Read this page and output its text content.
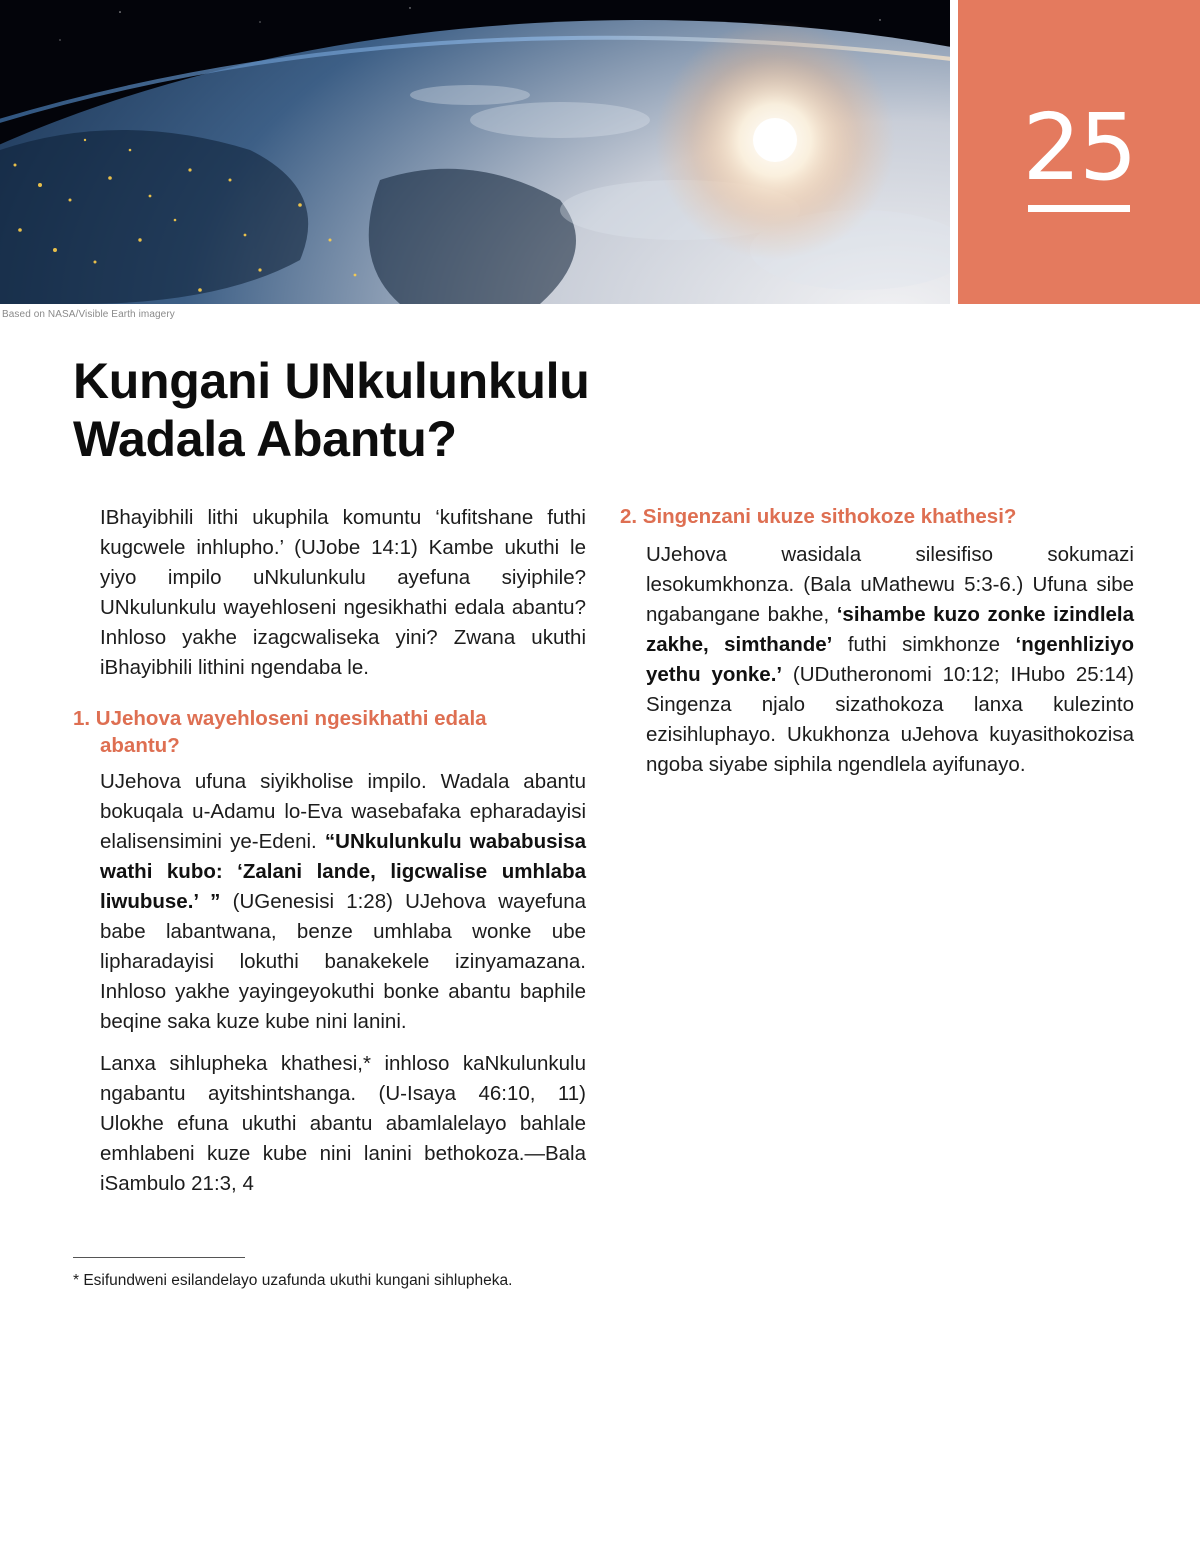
Based on NASA/Visible Earth imagery
25
Kungani UNkulunkulu
Wadala Abantu?

IBhayibhili lithi ukuphila komuntu ‘kufitshane futhi kugcwele inhlupho.’ (UJobe 14:1) Kambe ukuthi le yiyo impilo uNkulunkulu ayefuna siyiphile? UNkulunkulu wayehloseni ngesikhathi edala abantu? Inhloso yakhe izagcwaliseka yini? Zwana ukuthi iBhayibhili lithini ngendaba le.

1. UJehova wayehloseni ngesikhathi edala abantu?

UJehova ufuna siyikholise impilo. Wadala abantu bokuqala u-Adamu lo-Eva wasebafaka epharadayisi elalisensimini ye-Edeni. “UNkulunkulu wababusisa wathi kubo: ‘Zalani lande, ligcwalise umhlaba liwubuse.’ ” (UGenesisi 1:28) UJehova wayefuna babe labantwana, benze umhlaba wonke ube lipharadayisi lokuthi banakekele izinyamazana. Inhloso yakhe yayingeyokuthi bonke abantu baphile beqine saka kuze kube nini lanini.

Lanxa sihlupheka khathesi,* inhloso kaNkulunkulu ngabantu ayitshintshanga. (U-Isaya 46:10, 11) Ulokhe efuna ukuthi abantu abamlalelayo bahlale emhlabeni kuze kube nini lanini bethokoza.—Bala iSambulo 21:3, 4

2. Singenzani ukuze sithokoze khathesi?

UJehova wasidala silesifiso sokumazi lesokumkhonza. (Bala uMathewu 5:3-6.) Ufuna sibe ngabangane bakhe, ‘sihambe kuzo zonke izindlela zakhe, simthande’ futhi simkhonze ‘ngenhliziyo yethu yonke.’ (UDutheronomi 10:12; IHubo 25:14) Singenza njalo sizathokoza lanxa kulezinto ezisihluphayo. Ukukhonza uJehova kuyasithokozisa ngoba siyabe siphila ngendlela ayifunayo.

* Esifundweni esilandelayo uzafunda ukuthi kungani sihlupheka.
